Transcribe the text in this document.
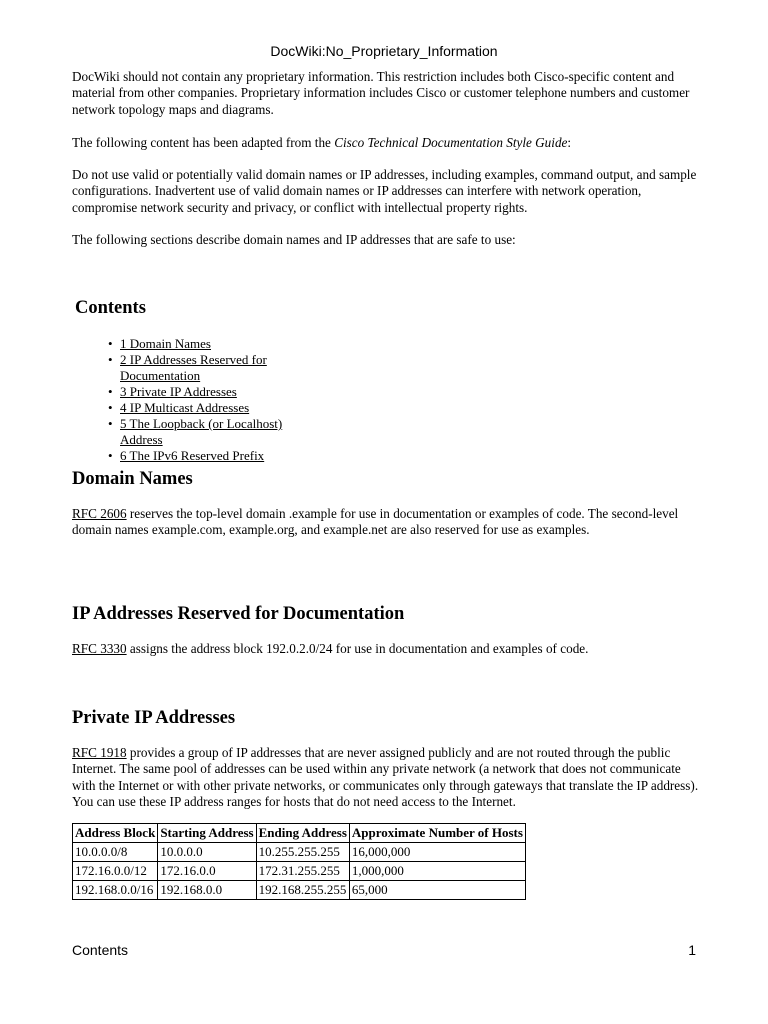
DocWiki:No_Proprietary_Information

DocWiki should not contain any proprietary information. This restriction includes both Cisco-specific content and material from other companies. Proprietary information includes Cisco or customer telephone numbers and customer network topology maps and diagrams.

The following content has been adapted from the Cisco Technical Documentation Style Guide:

Do not use valid or potentially valid domain names or IP addresses, including examples, command output, and sample configurations. Inadvertent use of valid domain names or IP addresses can interfere with network operation, compromise network security and privacy, or conflict with intellectual property rights.

The following sections describe domain names and IP addresses that are safe to use:

Contents
• 1 Domain Names
• 2 IP Addresses Reserved for Documentation
• 3 Private IP Addresses
• 4 IP Multicast Addresses
• 5 The Loopback (or Localhost) Address
• 6 The IPv6 Reserved Prefix
Domain Names

RFC 2606 reserves the top-level domain .example for use in documentation or examples of code. The second-level domain names example.com, example.org, and example.net are also reserved for use as examples.

IP Addresses Reserved for Documentation

RFC 3330 assigns the address block 192.0.2.0/24 for use in documentation and examples of code.

Private IP Addresses

RFC 1918 provides a group of IP addresses that are never assigned publicly and are not routed through the public Internet. The same pool of addresses can be used within any private network (a network that does not communicate with the Internet or with other private networks, or communicates only through gateways that translate the IP address). You can use these IP address ranges for hosts that do not need access to the Internet.

Address Block	Starting Address	Ending Address	Approximate Number of Hosts
10.0.0.0/8	10.0.0.0	10.255.255.255	16,000,000
172.16.0.0/12	172.16.0.0	172.31.255.255	1,000,000
192.168.0.0/16	192.168.0.0	192.168.255.255	65,000
Contents	1
